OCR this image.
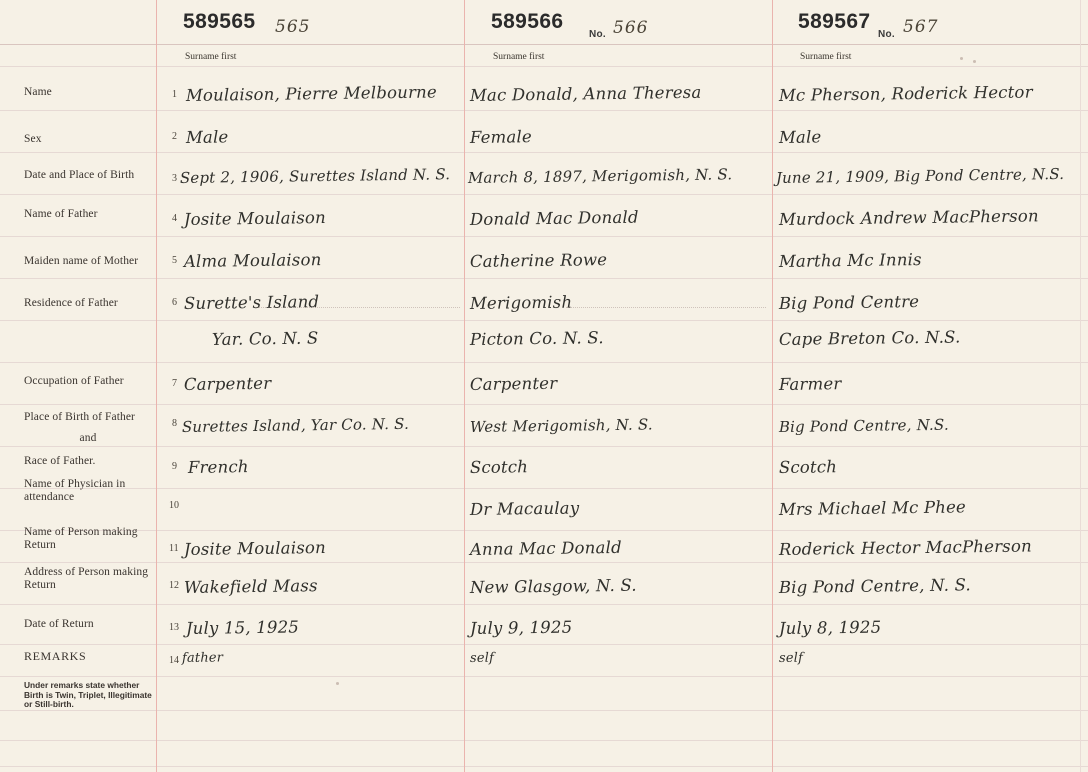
589565 565
Surname first
589566
No. 566
Surname first
589567
No. 567
Surname first
Name
Sex
Date and Place of Birth
Name of Father
Maiden name of Mother
Residence of Father
Occupation of Father
Place of Birth of Father
and
Race of Father.
Name of Physician in attendance
Name of Person making Return
Address of Person making Return
Date of Return
REMARKS
Under remarks state whether Birth is Twin, Triplet, Illegitimate or Still-birth.
1
2
3
4
5
6
7
8
9
10
11
12
13
14
Moulaison, Pierre Melbourne
Male
Sept 2, 1906, Surettes Island N. S.
Josite Moulaison
Alma Moulaison
Surette's Island
Yar. Co. N. S
Carpenter
Surettes Island, Yar Co. N. S.
French
Josite Moulaison
Wakefield Mass
July 15, 1925
father
Mac Donald, Anna Theresa
Female
March 8, 1897, Merigomish, N. S.
Donald Mac Donald
Catherine Rowe
Merigomish
Picton Co. N. S.
Carpenter
West Merigomish, N. S.
Scotch
Dr Macaulay
Anna Mac Donald
New Glasgow, N. S.
July 9, 1925
self
Mc Pherson, Roderick Hector
Male
June 21, 1909, Big Pond Centre, N.S.
Murdock Andrew MacPherson
Martha Mc Innis
Big Pond Centre
Cape Breton Co. N.S.
Farmer
Big Pond Centre, N.S.
Scotch
Mrs Michael Mc Phee
Roderick Hector MacPherson
Big Pond Centre, N. S.
July 8, 1925
self
